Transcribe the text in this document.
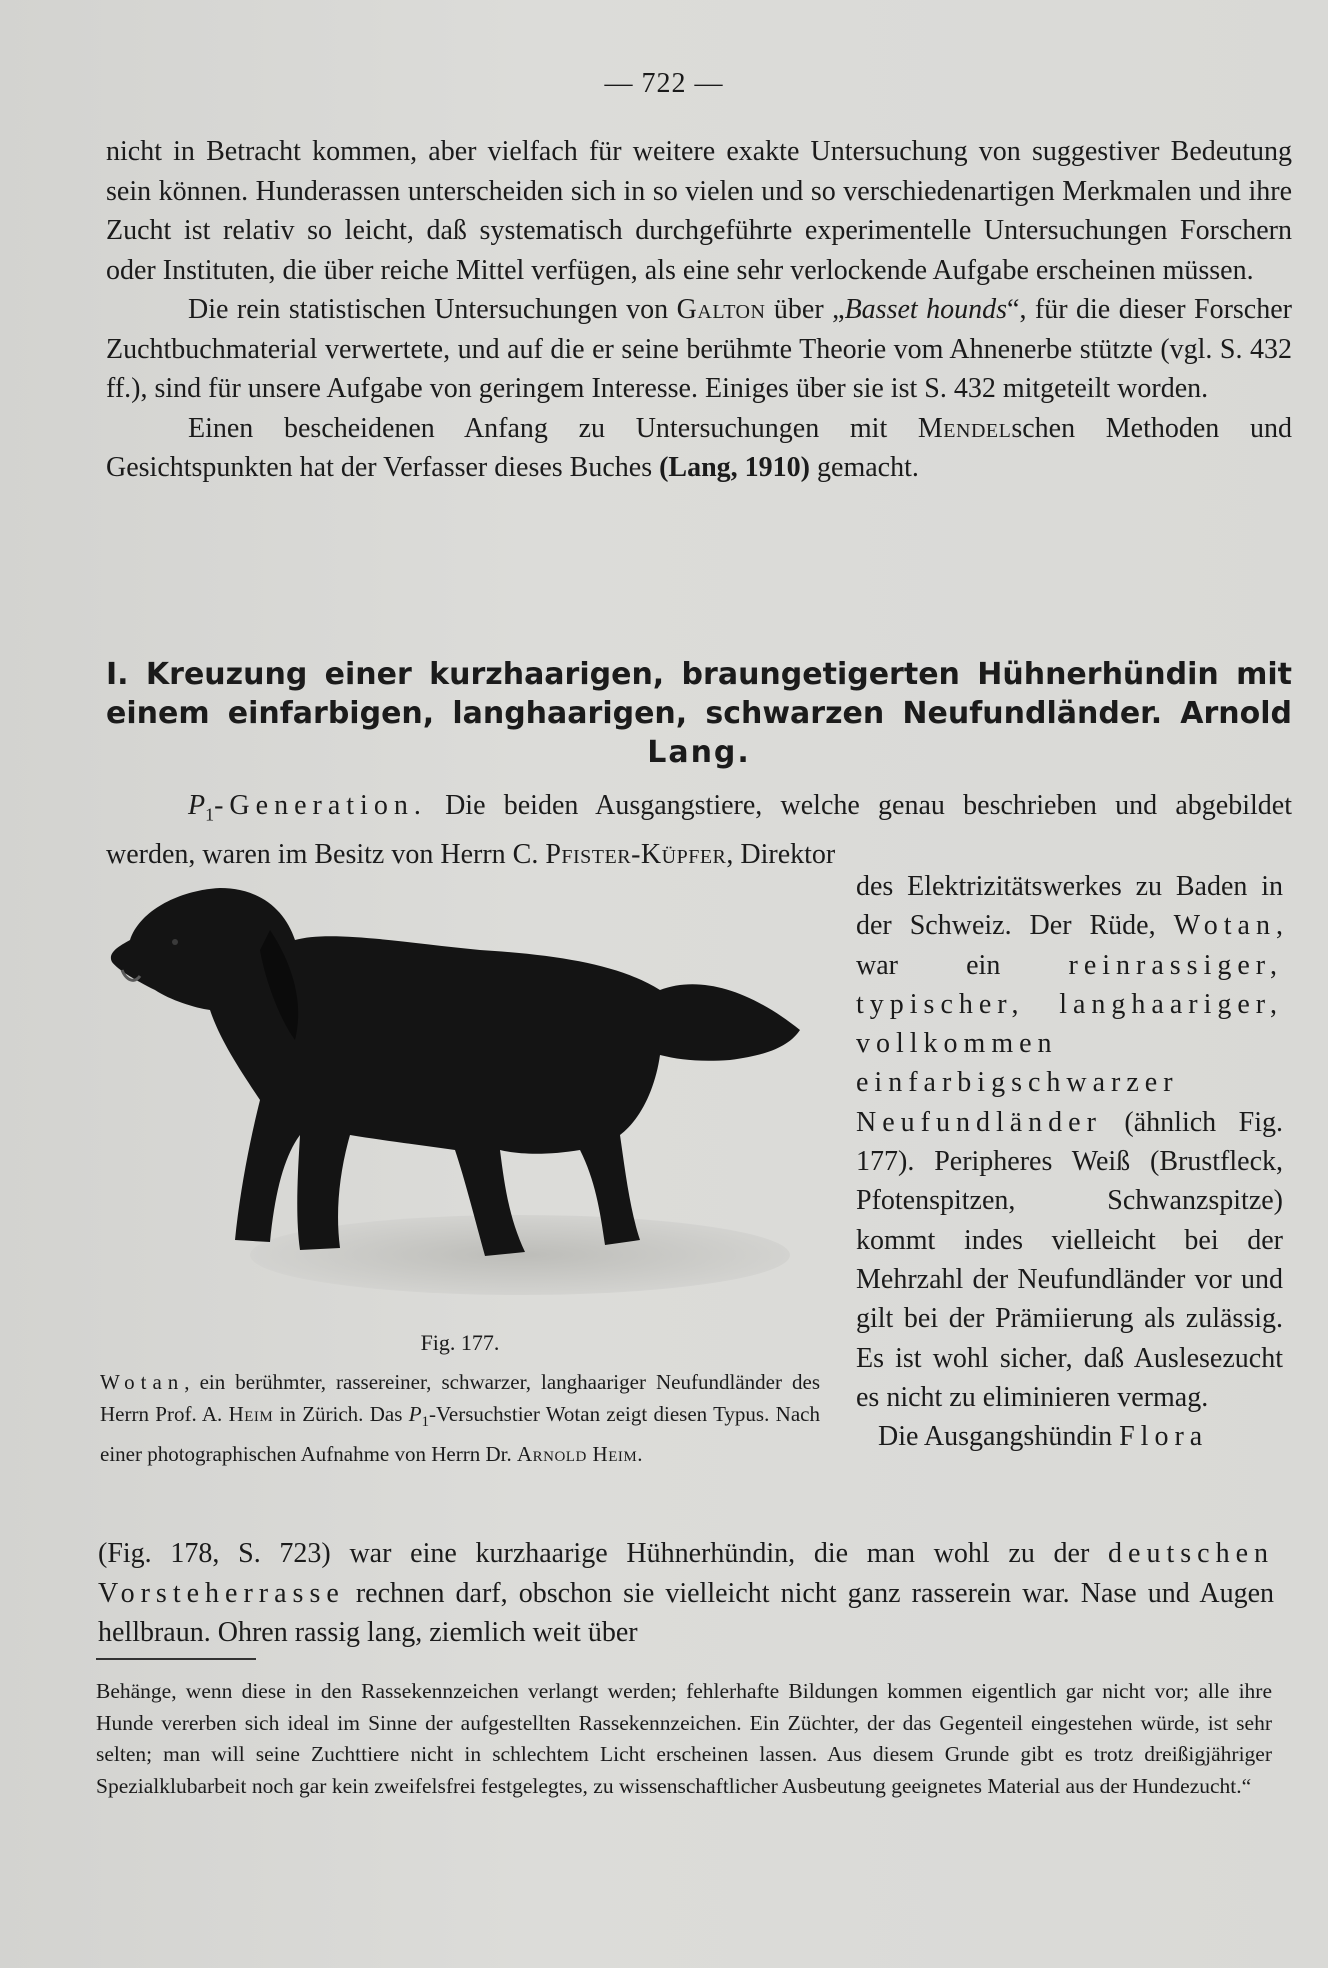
— 722 —

nicht in Betracht kommen, aber vielfach für weitere exakte Untersuchung von suggestiver Bedeutung sein können. Hunderassen unterscheiden sich in so vielen und so verschiedenartigen Merkmalen und ihre Zucht ist relativ so leicht, daß systematisch durchgeführte experimentelle Untersuchungen Forschern oder Instituten, die über reiche Mittel verfügen, als eine sehr verlockende Aufgabe erscheinen müssen.

Die rein statistischen Untersuchungen von Galton über „Basset hounds“, für die dieser Forscher Zuchtbuchmaterial verwertete, und auf die er seine berühmte Theorie vom Ahnenerbe stützte (vgl. S. 432 ff.), sind für unsere Aufgabe von geringem Interesse. Einiges über sie ist S. 432 mitgeteilt worden.

Einen bescheidenen Anfang zu Untersuchungen mit Mendelschen Methoden und Gesichtspunkten hat der Verfasser dieses Buches (Lang, 1910) gemacht.

I. Kreuzung einer kurzhaarigen, braungetigerten Hühnerhündin mit
einem einfarbigen, langhaarigen, schwarzen Neufundländer. Arnold
Lang.

$P_1$-Generation. Die beiden Ausgangstiere, welche genau beschrieben und abgebildet werden, waren im Besitz von Herrn C. Pfister-Küpfer, Direktor

Fig. 177.
Wotan, ein berühmter, rassereiner, schwarzer, langhaariger Neufundländer des Herrn Prof. A. Heim in Zürich. Das $P_1$-Versuchstier Wotan zeigt diesen Typus. Nach einer photographischen Aufnahme von Herrn Dr. Arnold Heim.

des Elektrizitätswerkes zu Baden in der Schweiz. Der Rüde, Wotan, war ein reinrassiger, typischer, langhaariger, vollkommen einfarbigschwarzer Neufundländer (ähnlich Fig. 177). Peripheres Weiß (Brustfleck, Pfotenspitzen, Schwanzspitze) kommt indes vielleicht bei der Mehrzahl der Neufundländer vor und gilt bei der Prämiierung als zulässig. Es ist wohl sicher, daß Auslesezucht es nicht zu eliminieren vermag.

Die Ausgangshündin Flora

(Fig. 178, S. 723) war eine kurzhaarige Hühnerhündin, die man wohl zu der deutschen Vorsteherrasse rechnen darf, obschon sie vielleicht nicht ganz rasserein war. Nase und Augen hellbraun. Ohren rassig lang, ziemlich weit über

Behänge, wenn diese in den Rassekennzeichen verlangt werden; fehlerhafte Bildungen kommen eigentlich gar nicht vor; alle ihre Hunde vererben sich ideal im Sinne der aufgestellten Rassekennzeichen. Ein Züchter, der das Gegenteil eingestehen würde, ist sehr selten; man will seine Zuchttiere nicht in schlechtem Licht erscheinen lassen. Aus diesem Grunde gibt es trotz dreißigjähriger Spezialklubarbeit noch gar kein zweifelsfrei festgelegtes, zu wissenschaftlicher Ausbeutung geeignetes Material aus der Hundezucht.“
